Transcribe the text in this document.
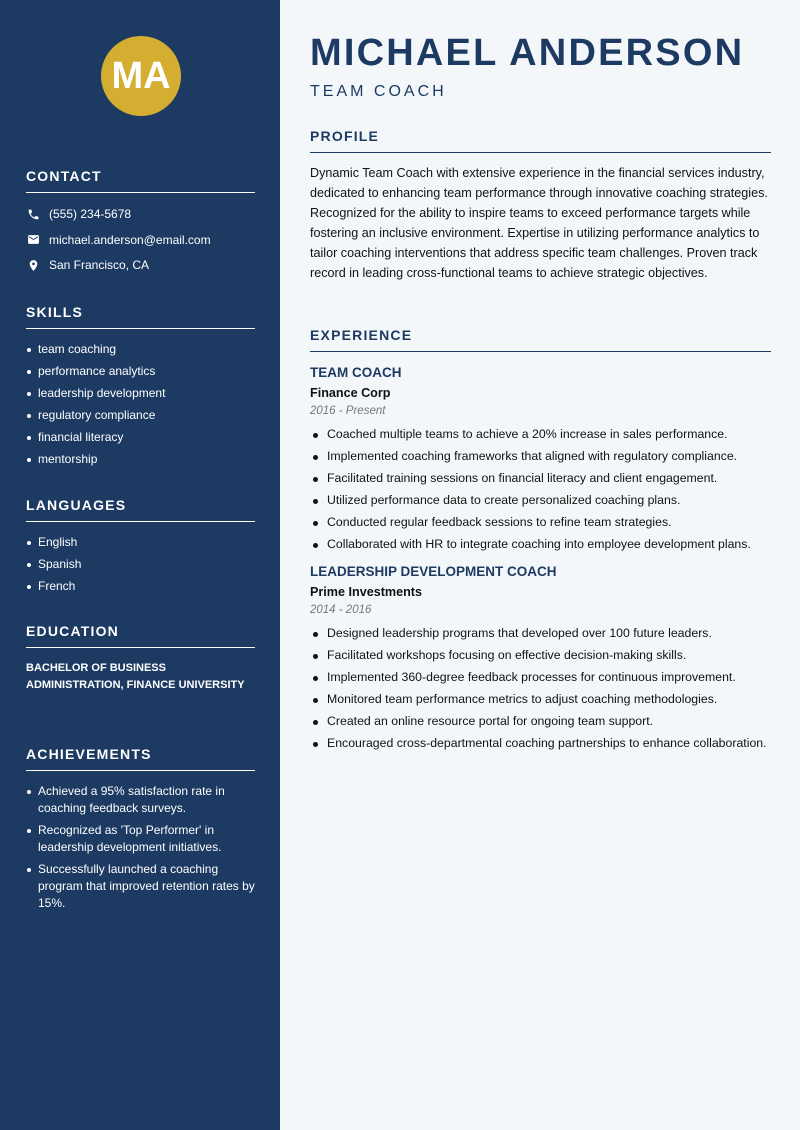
MA
CONTACT
(555) 234-5678
michael.anderson@email.com
San Francisco, CA
SKILLS
team coaching
performance analytics
leadership development
regulatory compliance
financial literacy
mentorship
LANGUAGES
English
Spanish
French
EDUCATION
BACHELOR OF BUSINESS ADMINISTRATION, FINANCE UNIVERSITY
ACHIEVEMENTS
Achieved a 95% satisfaction rate in coaching feedback surveys.
Recognized as 'Top Performer' in leadership development initiatives.
Successfully launched a coaching program that improved retention rates by 15%.
MICHAEL ANDERSON
TEAM COACH
PROFILE
Dynamic Team Coach with extensive experience in the financial services industry, dedicated to enhancing team performance through innovative coaching strategies. Recognized for the ability to inspire teams to exceed performance targets while fostering an inclusive environment. Expertise in utilizing performance analytics to tailor coaching interventions that address specific team challenges. Proven track record in leading cross-functional teams to achieve strategic objectives.
EXPERIENCE
TEAM COACH
Finance Corp
2016 - Present
Coached multiple teams to achieve a 20% increase in sales performance.
Implemented coaching frameworks that aligned with regulatory compliance.
Facilitated training sessions on financial literacy and client engagement.
Utilized performance data to create personalized coaching plans.
Conducted regular feedback sessions to refine team strategies.
Collaborated with HR to integrate coaching into employee development plans.
LEADERSHIP DEVELOPMENT COACH
Prime Investments
2014 - 2016
Designed leadership programs that developed over 100 future leaders.
Facilitated workshops focusing on effective decision-making skills.
Implemented 360-degree feedback processes for continuous improvement.
Monitored team performance metrics to adjust coaching methodologies.
Created an online resource portal for ongoing team support.
Encouraged cross-departmental coaching partnerships to enhance collaboration.
